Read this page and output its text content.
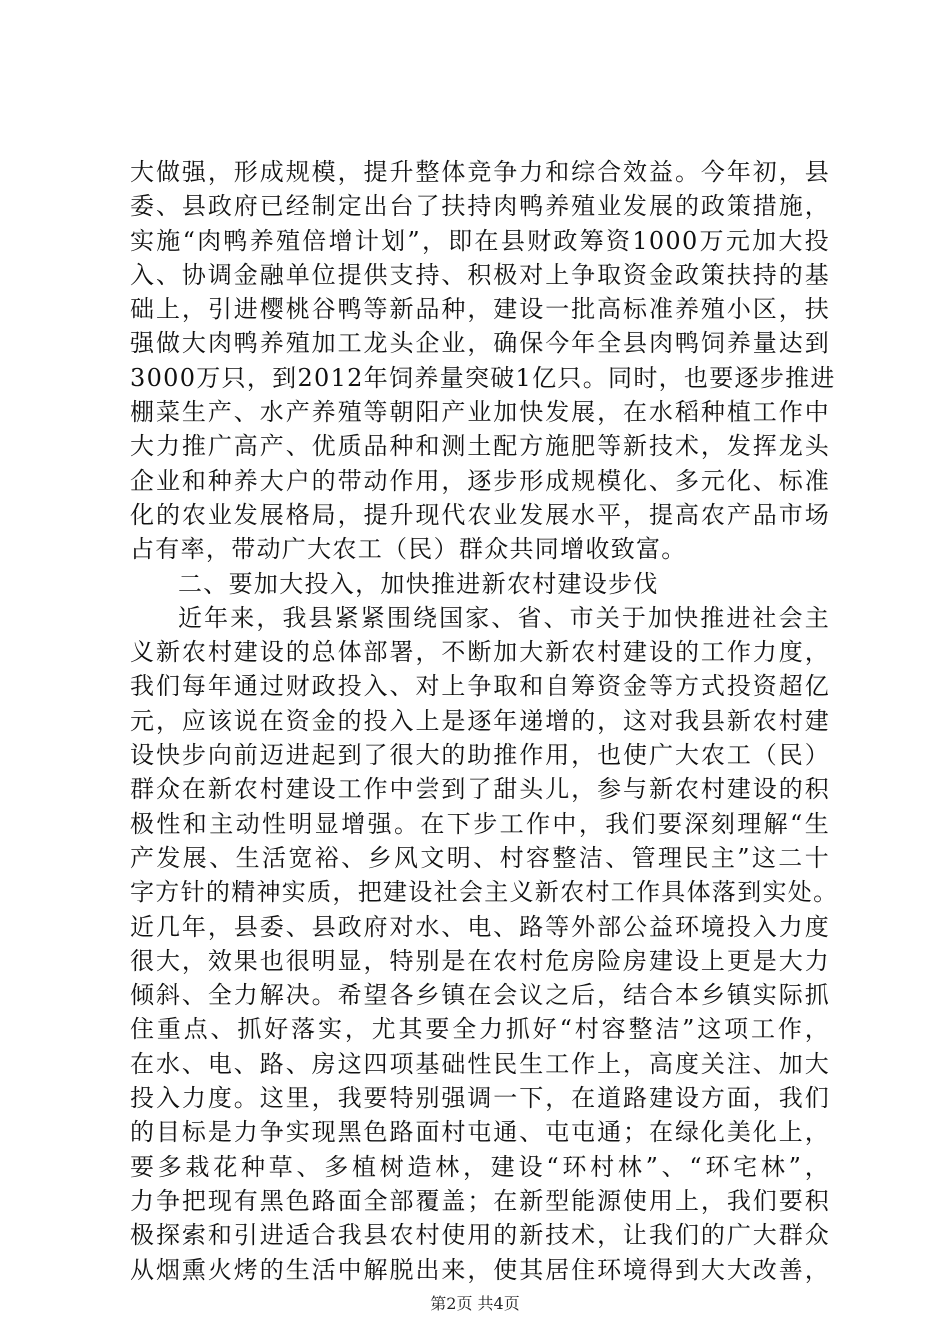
大做强，形成规模，提升整体竞争力和综合效益。今年初，县
委、县政府已经制定出台了扶持肉鸭养殖业发展的政策措施，
实施“肉鸭养殖倍增计划”，即在县财政筹资1000万元加大投
入、协调金融单位提供支持、积极对上争取资金政策扶持的基
础上，引进樱桃谷鸭等新品种，建设一批高标准养殖小区，扶
强做大肉鸭养殖加工龙头企业，确保今年全县肉鸭饲养量达到
3000万只，到2012年饲养量突破1亿只。同时，也要逐步推进
棚菜生产、水产养殖等朝阳产业加快发展，在水稻种植工作中
大力推广高产、优质品种和测土配方施肥等新技术，发挥龙头
企业和种养大户的带动作用，逐步形成规模化、多元化、标准
化的农业发展格局，提升现代农业发展水平，提高农产品市场
占有率，带动广大农工（民）群众共同增收致富。
二、要加大投入，加快推进新农村建设步伐
近年来，我县紧紧围绕国家、省、市关于加快推进社会主
义新农村建设的总体部署，不断加大新农村建设的工作力度，
我们每年通过财政投入、对上争取和自筹资金等方式投资超亿
元，应该说在资金的投入上是逐年递增的，这对我县新农村建
设快步向前迈进起到了很大的助推作用，也使广大农工（民）
群众在新农村建设工作中尝到了甜头儿，参与新农村建设的积
极性和主动性明显增强。在下步工作中，我们要深刻理解“生
产发展、生活宽裕、乡风文明、村容整洁、管理民主”这二十
字方针的精神实质，把建设社会主义新农村工作具体落到实处。
近几年，县委、县政府对水、电、路等外部公益环境投入力度
很大，效果也很明显，特别是在农村危房险房建设上更是大力
倾斜、全力解决。希望各乡镇在会议之后，结合本乡镇实际抓
住重点、抓好落实，尤其要全力抓好“村容整洁”这项工作，
在水、电、路、房这四项基础性民生工作上，高度关注、加大
投入力度。这里，我要特别强调一下，在道路建设方面，我们
的目标是力争实现黑色路面村屯通、屯屯通；在绿化美化上，
要多栽花种草、多植树造林，建设“环村林”、“环宅林”，
力争把现有黑色路面全部覆盖；在新型能源使用上，我们要积
极探索和引进适合我县农村使用的新技术，让我们的广大群众
从烟熏火烤的生活中解脱出来，使其居住环境得到大大改善，
第2页 共4页
